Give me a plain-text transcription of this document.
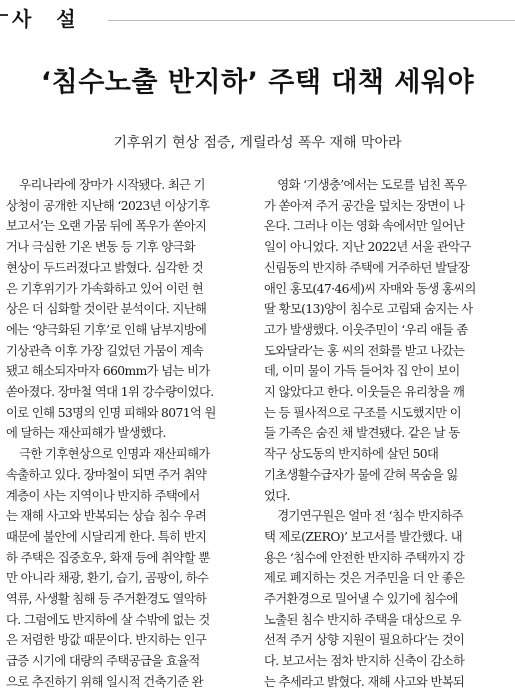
사 설
‘침수노출 반지하’ 주택 대책 세워야
기후위기 현상 점증, 게릴라성 폭우 재해 막아라

우리나라에 장마가 시작됐다. 최근 기

상청이 공개한 지난해 ‘2023년 이상기후

보고서’는 오랜 가뭄 뒤에 폭우가 쏟아지

거나 극심한 기온 변동 등 기후 양극화

현상이 두드러졌다고 밝혔다. 심각한 것

은 기후위기가 가속화하고 있어 이런 현

상은 더 심화할 것이란 분석이다. 지난해

에는 ‘양극화된 기후’로 인해 남부지방에

기상관측 이후 가장 길었던 가뭄이 계속

됐고 해소되자마자 660mm가 넘는 비가

쏟아졌다. 장마철 역대 1위 강수량이었다.

이로 인해 53명의 인명 피해와 8071억 원

에 달하는 재산피해가 발생했다.

극한 기후현상으로 인명과 재산피해가

속출하고 있다. 장마철이 되면 주거 취약

계층이 사는 지역이나 반지하 주택에서

는 재해 사고와 반복되는 상습 침수 우려

때문에 불안에 시달리게 한다. 특히 반지

하 주택은 집중호우, 화재 등에 취약할 뿐

만 아니라 채광, 환기, 습기, 곰팡이, 하수

역류, 사생활 침해 등 주거환경도 열악하

다. 그럼에도 반지하에 살 수밖에 없는 것

은 저렴한 방값 때문이다. 반지하는 인구

급증 시기에 대량의 주택공급을 효율적

으로 추진하기 위해 일시적 건축기준 완

영화 ‘기생충’에서는 도로를 넘친 폭우

가 쏟아져 주거 공간을 덮치는 장면이 나

온다. 그러나 이는 영화 속에서만 일어난

일이 아니었다. 지난 2022년 서울 관악구

신림동의 반지하 주택에 거주하던 발달장

애인 홍모(47·46세)씨 자매와 동생 홍씨의

딸 황모(13)양이 침수로 고립돼 숨지는 사

고가 발생했다. 이웃주민이 ‘우리 애들 좀

도와달라’는 홍 씨의 전화를 받고 나갔는

데, 이미 물이 가득 들어차 집 안이 보이

지 않았다고 한다. 이웃들은 유리창을 깨

는 등 필사적으로 구조를 시도했지만 이

들 가족은 숨진 채 발견됐다. 같은 날 동

작구 상도동의 반지하에 살던 50대

기초생활수급자가 물에 갇혀 목숨을 잃

었다.

경기연구원은 얼마 전 ‘침수 반지하주

택 제로(ZERO)’ 보고서를 발간했다. 내

용은 ‘침수에 안전한 반지하 주택까지 강

제로 폐지하는 것은 거주민을 더 안 좋은

주거환경으로 밀어낼 수 있기에 침수에

노출된 침수 반지하 주택을 대상으로 우

선적 주거 상향 지원이 필요하다’는 것이

다. 보고서는 점차 반지하 신축이 감소하

는 추세라고 밝혔다. 재해 사고와 반복되
